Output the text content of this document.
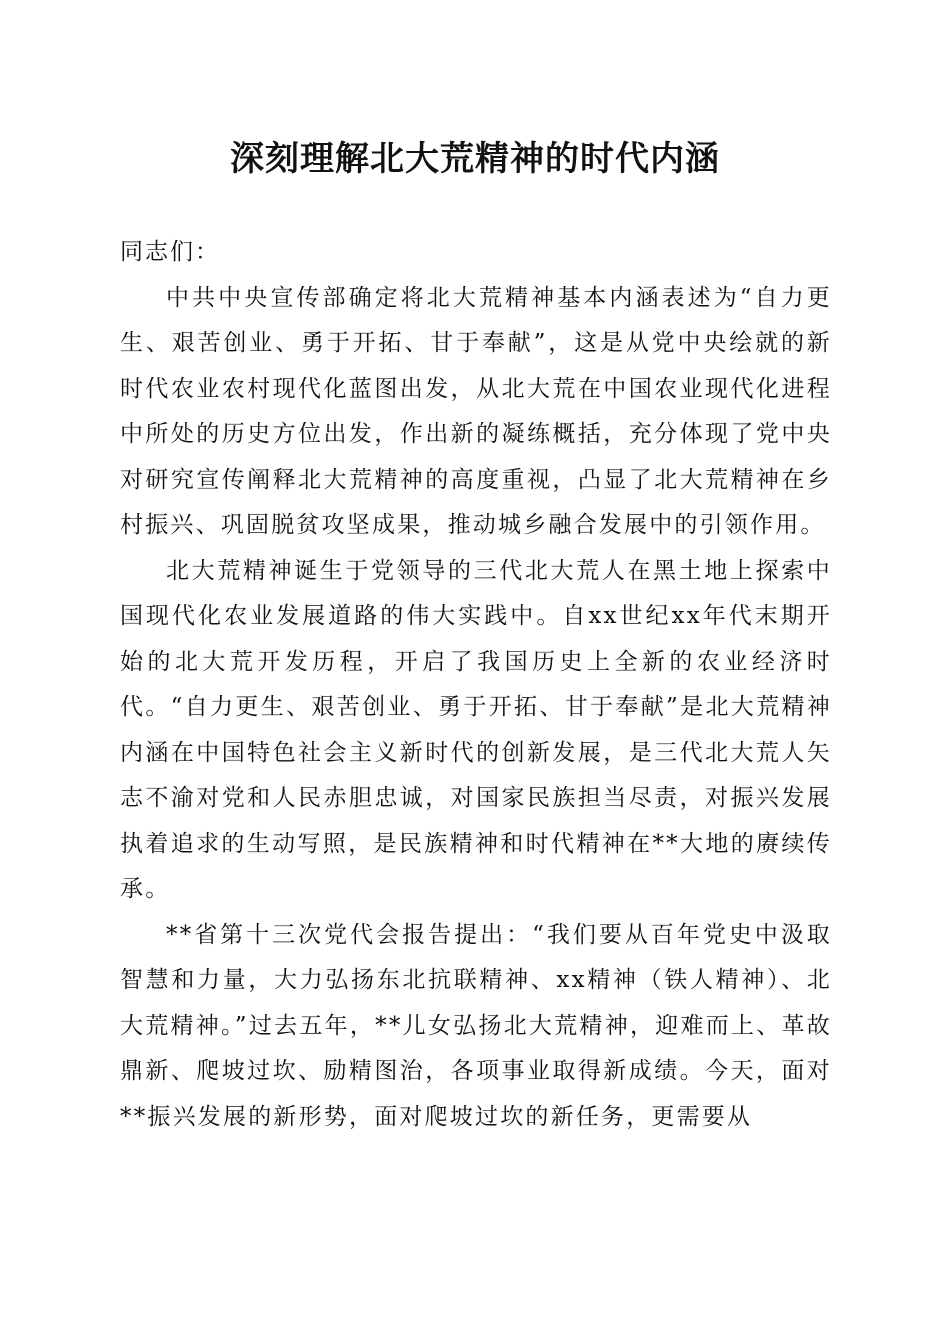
深刻理解北大荒精神的时代内涵

同志们：

中共中央宣传部确定将北大荒精神基本内涵表述为“自力更生、艰苦创业、勇于开拓、甘于奉献”，这是从党中央绘就的新时代农业农村现代化蓝图出发，从北大荒在中国农业现代化进程中所处的历史方位出发，作出新的凝练概括，充分体现了党中央对研究宣传阐释北大荒精神的高度重视，凸显了北大荒精神在乡村振兴、巩固脱贫攻坚成果，推动城乡融合发展中的引领作用。

北大荒精神诞生于党领导的三代北大荒人在黑土地上探索中国现代化农业发展道路的伟大实践中。自xx世纪xx年代末期开始的北大荒开发历程，开启了我国历史上全新的农业经济时代。“自力更生、艰苦创业、勇于开拓、甘于奉献”是北大荒精神内涵在中国特色社会主义新时代的创新发展，是三代北大荒人矢志不渝对党和人民赤胆忠诚，对国家民族担当尽责，对振兴发展执着追求的生动写照，是民族精神和时代精神在**大地的赓续传承。

**省第十三次党代会报告提出：“我们要从百年党史中汲取智慧和力量，大力弘扬东北抗联精神、xx精神（铁人精神）、北大荒精神。”过去五年，**儿女弘扬北大荒精神，迎难而上、革故鼎新、爬坡过坎、励精图治，各项事业取得新成绩。今天，面对**振兴发展的新形势，面对爬坡过坎的新任务，更需要从
